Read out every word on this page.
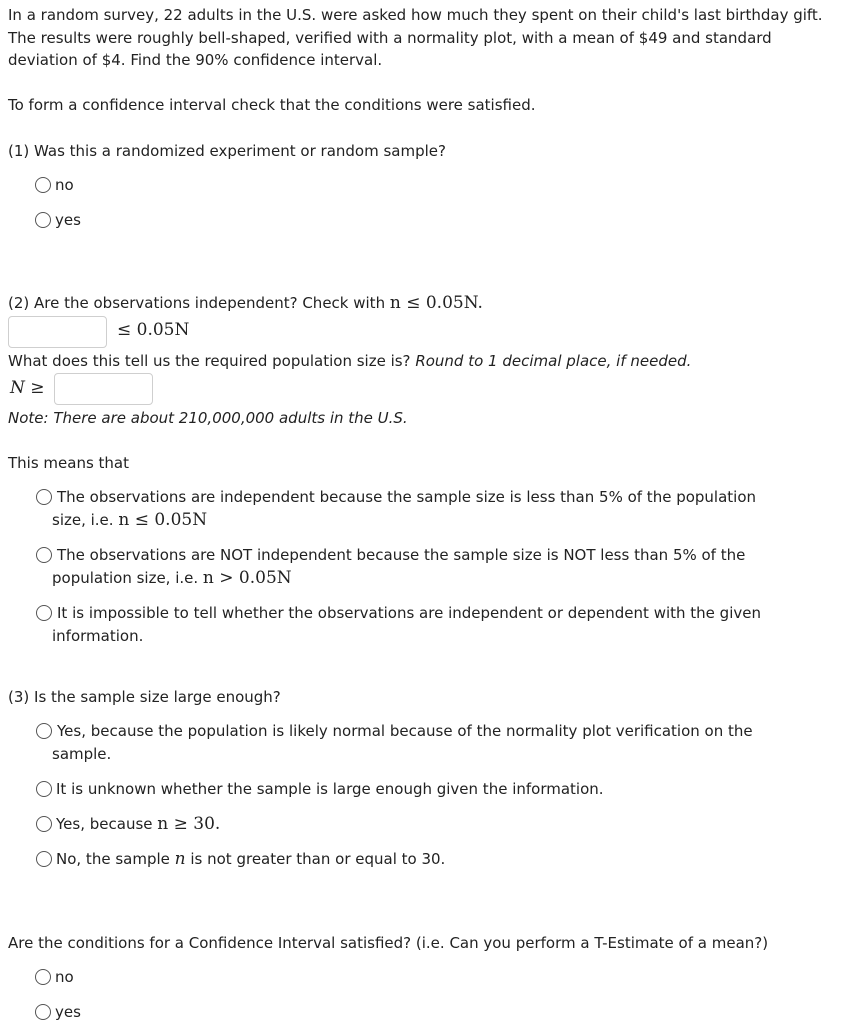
In a random survey, 22 adults in the U.S. were asked how much they spent on their child's last birthday gift. The results were roughly bell-shaped, verified with a normality plot, with a mean of $49 and standard deviation of $4. Find the 90% confidence interval.
To form a confidence interval check that the conditions were satisfied.
(1) Was this a randomized experiment or random sample?
no
yes
(2) Are the observations independent? Check with n ≤ 0.05N.
≤ 0.05N
What does this tell us the required population size is? Round to 1 decimal place, if needed.
N ≥
Note: There are about 210,000,000 adults in the U.S.
This means that
The observations are independent because the sample size is less than 5% of the population size, i.e. n ≤ 0.05N
The observations are NOT independent because the sample size is NOT less than 5% of the population size, i.e. n > 0.05N
It is impossible to tell whether the observations are independent or dependent with the given information.
(3) Is the sample size large enough?
Yes, because the population is likely normal because of the normality plot verification on the sample.
It is unknown whether the sample is large enough given the information.
Yes, because
n ≥ 30.
No, the sample
n
is not greater than or equal to 30.
Are the conditions for a Confidence Interval satisfied? (i.e. Can you perform a T-Estimate of a mean?)
no
yes
